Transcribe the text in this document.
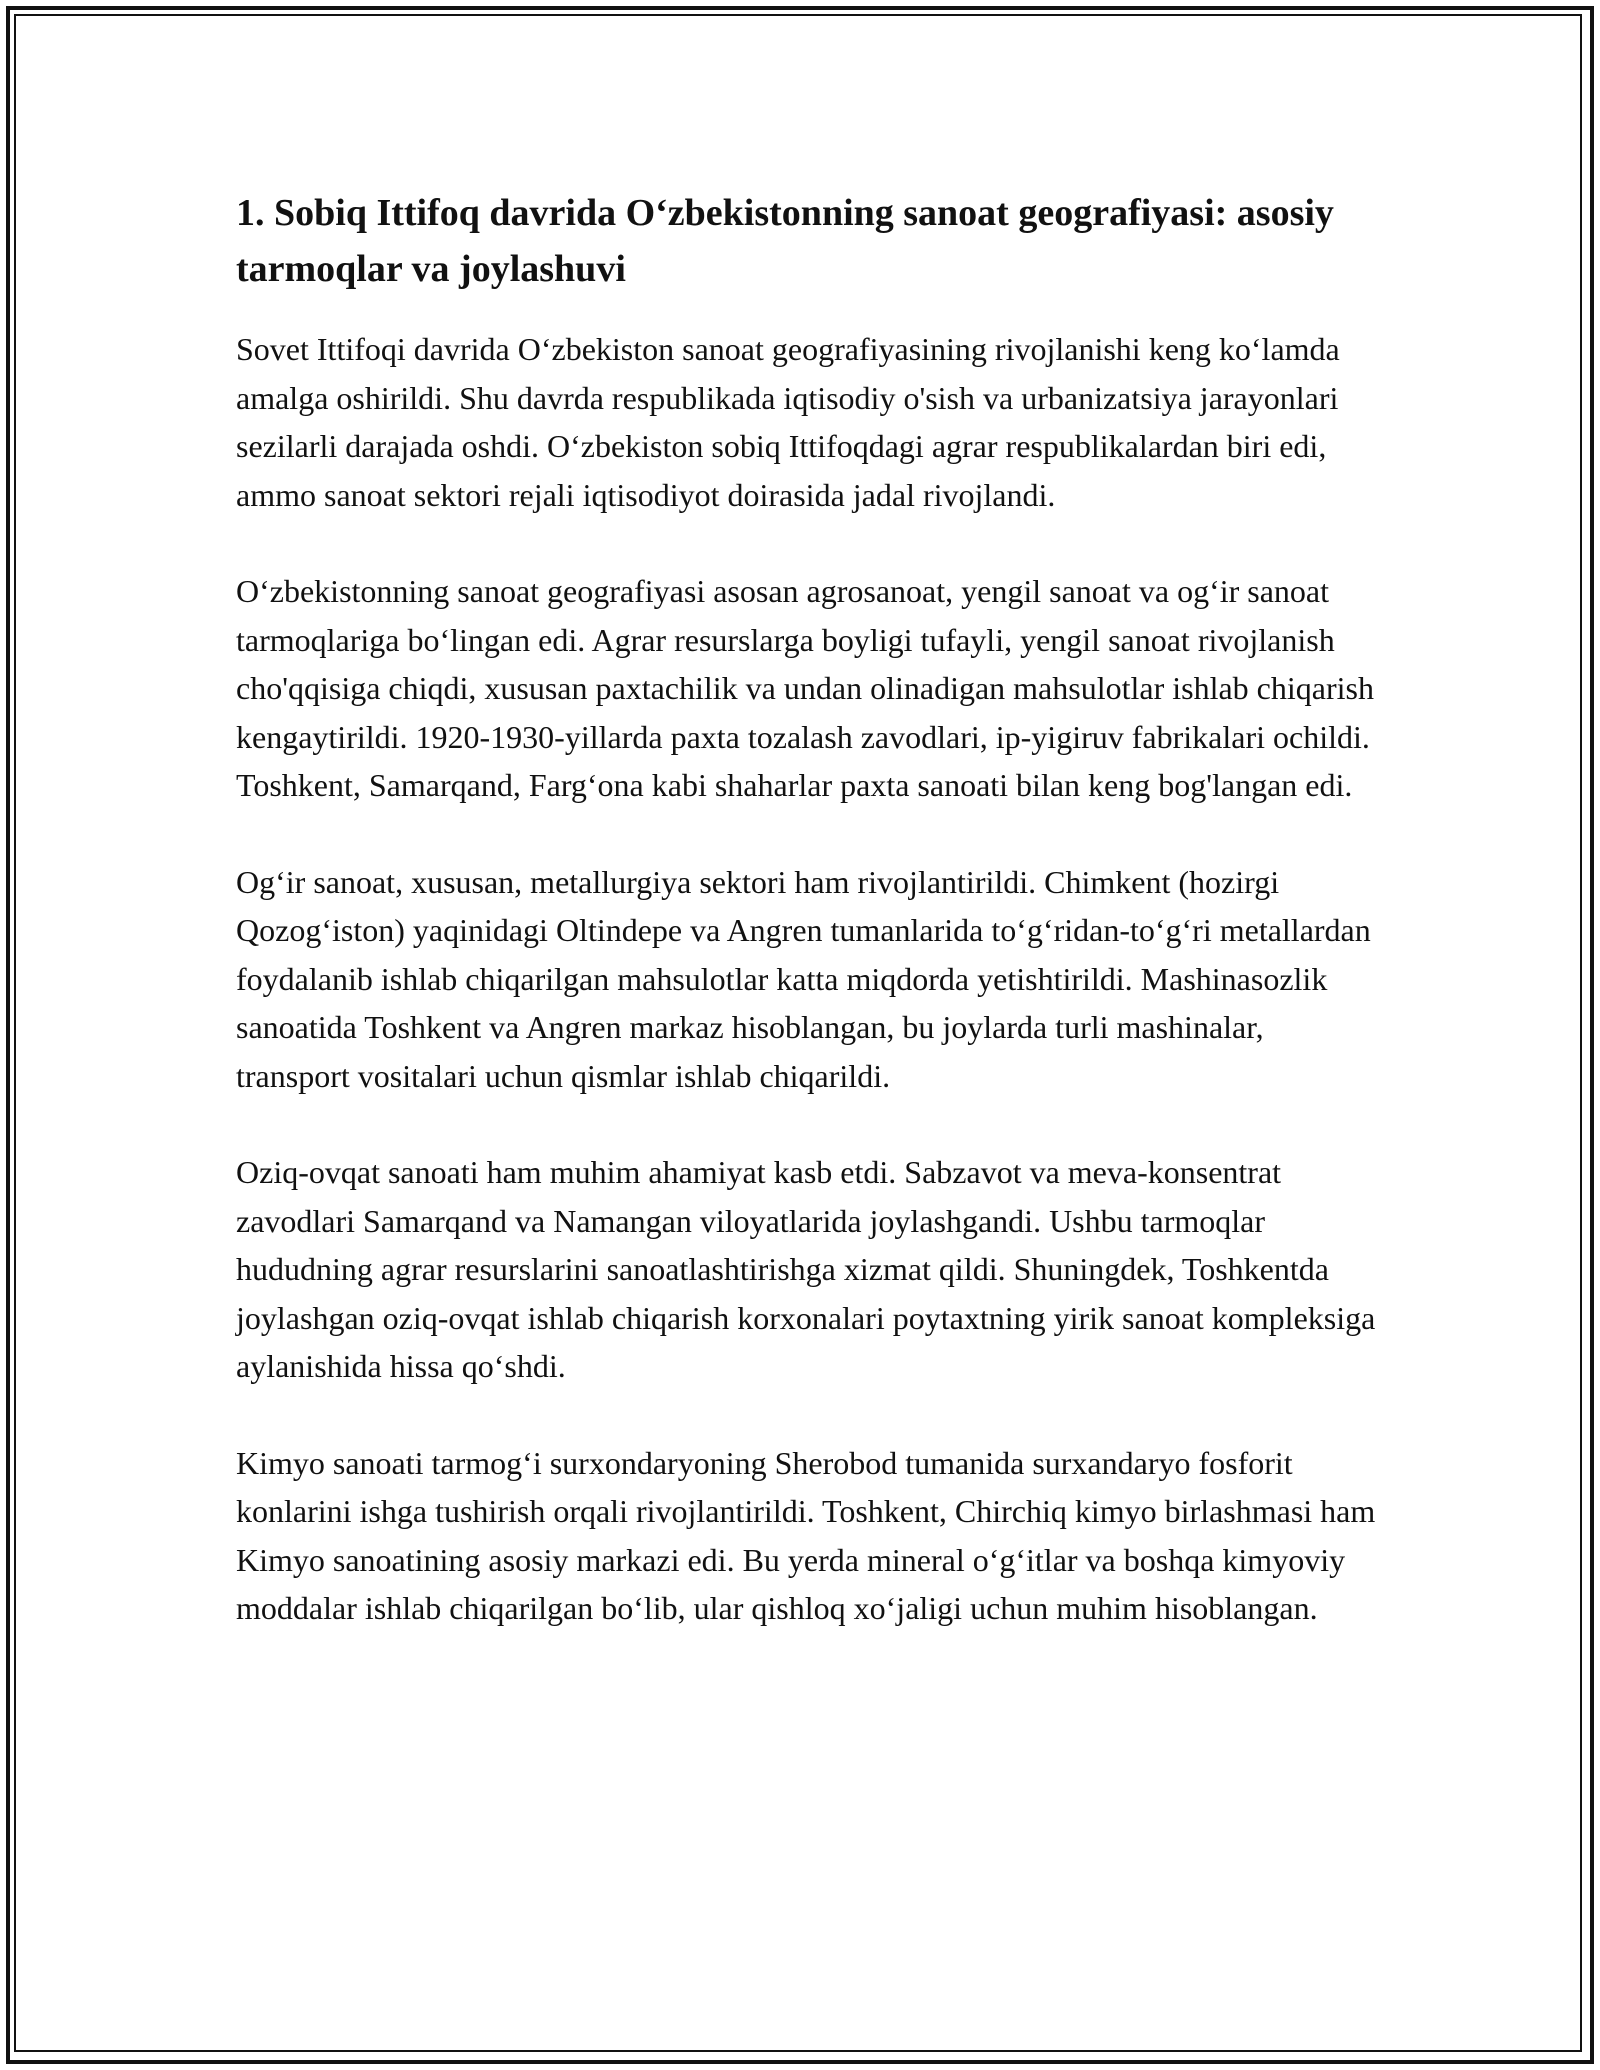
1. Sobiq Ittifoq davrida O‘zbekistonning sanoat geografiyasi: asosiy tarmoqlar va joylashuvi

Sovet Ittifoqi davrida O‘zbekiston sanoat geografiyasining rivojlanishi keng ko‘lamda amalga oshirildi. Shu davrda respublikada iqtisodiy o'sish va urbanizatsiya jarayonlari sezilarli darajada oshdi. O‘zbekiston sobiq Ittifoqdagi agrar respublikalardan biri edi, ammo sanoat sektori rejali iqtisodiyot doirasida jadal rivojlandi.

O‘zbekistonning sanoat geografiyasi asosan agrosanoat, yengil sanoat va og‘ir sanoat tarmoqlariga bo‘lingan edi. Agrar resurslarga boyligi tufayli, yengil sanoat rivojlanish cho'qqisiga chiqdi, xususan paxtachilik va undan olinadigan mahsulotlar ishlab chiqarish kengaytirildi. 1920-1930-yillarda paxta tozalash zavodlari, ip-yigiruv fabrikalari ochildi. Toshkent, Samarqand, Farg‘ona kabi shaharlar paxta sanoati bilan keng bog'langan edi.

Og‘ir sanoat, xususan, metallurgiya sektori ham rivojlantirildi. Chimkent (hozirgi Qozog‘iston) yaqinidagi Oltindepe va Angren tumanlarida to‘g‘ridan-to‘g‘ri metallardan foydalanib ishlab chiqarilgan mahsulotlar katta miqdorda yetishtirildi. Mashinasozlik sanoatida Toshkent va Angren markaz hisoblangan, bu joylarda turli mashinalar, transport vositalari uchun qismlar ishlab chiqarildi.

Oziq-ovqat sanoati ham muhim ahamiyat kasb etdi. Sabzavot va meva-konsentrat zavodlari Samarqand va Namangan viloyatlarida joylashgandi. Ushbu tarmoqlar hududning agrar resurslarini sanoatlashtirishga xizmat qildi. Shuningdek, Toshkentda joylashgan oziq-ovqat ishlab chiqarish korxonalari poytaxtning yirik sanoat kompleksiga aylanishida hissa qo‘shdi.

Kimyo sanoati tarmog‘i surxondaryoning Sherobod tumanida surxandaryo fosforit konlarini ishga tushirish orqali rivojlantirildi. Toshkent, Chirchiq kimyo birlashmasi ham Kimyo sanoatining asosiy markazi edi. Bu yerda mineral o‘g‘itlar va boshqa kimyoviy moddalar ishlab chiqarilgan bo‘lib, ular qishloq xo‘jaligi uchun muhim hisoblangan.
